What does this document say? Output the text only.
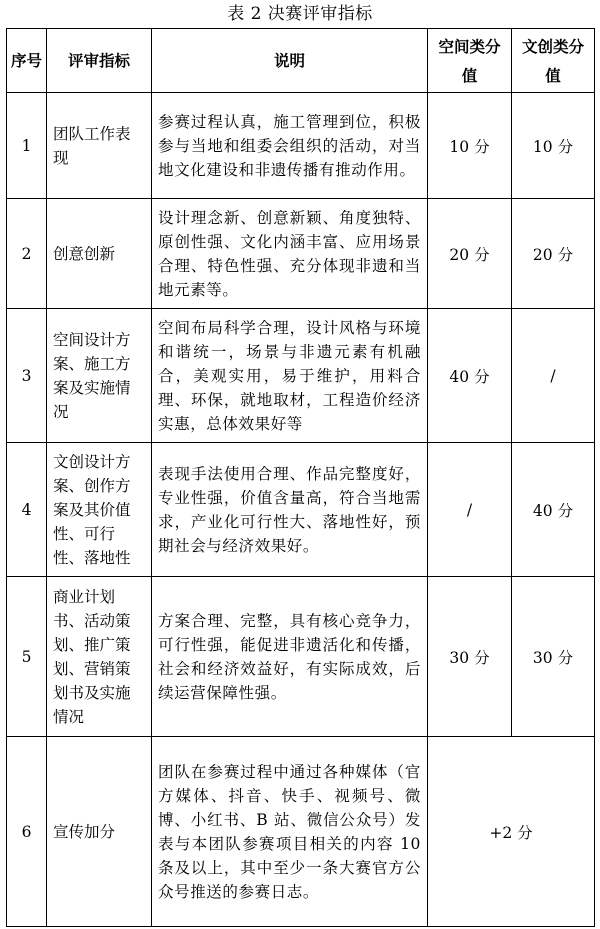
表 2 决赛评审指标
序号	评审指标	说明	空间类分值	文创类分值
1	团队工作表现	参赛过程认真，施工管理到位，积极参与当地和组委会组织的活动，对当地文化建设和非遗传播有推动作用。	10 分	10 分
2	创意创新	设计理念新、创意新颖、角度独特、原创性强、文化内涵丰富、应用场景合理、特色性强、充分体现非遗和当地元素等。	20 分	20 分
3	空间设计方案、施工方案及实施情况	空间布局科学合理，设计风格与环境和谐统一，场景与非遗元素有机融合，美观实用，易于维护，用料合理、环保，就地取材，工程造价经济实惠，总体效果好等	40 分	/
4	文创设计方案、创作方案及其价值性、可行性、落地性	表现手法使用合理、作品完整度好，专业性强，价值含量高，符合当地需求，产业化可行性大、落地性好，预期社会与经济效果好。	/	40 分
5	商业计划书、活动策划、推广策划、营销策划书及实施情况	方案合理、完整，具有核心竞争力，可行性强，能促进非遗活化和传播，社会和经济效益好，有实际成效，后续运营保障性强。	30 分	30 分
6	宣传加分	团队在参赛过程中通过各种媒体（官方媒体、抖音、快手、视频号、微博、小红书、B 站、微信公众号）发表与本团队参赛项目相关的内容 10 条及以上，其中至少一条大赛官方公众号推送的参赛日志。	+2 分	
